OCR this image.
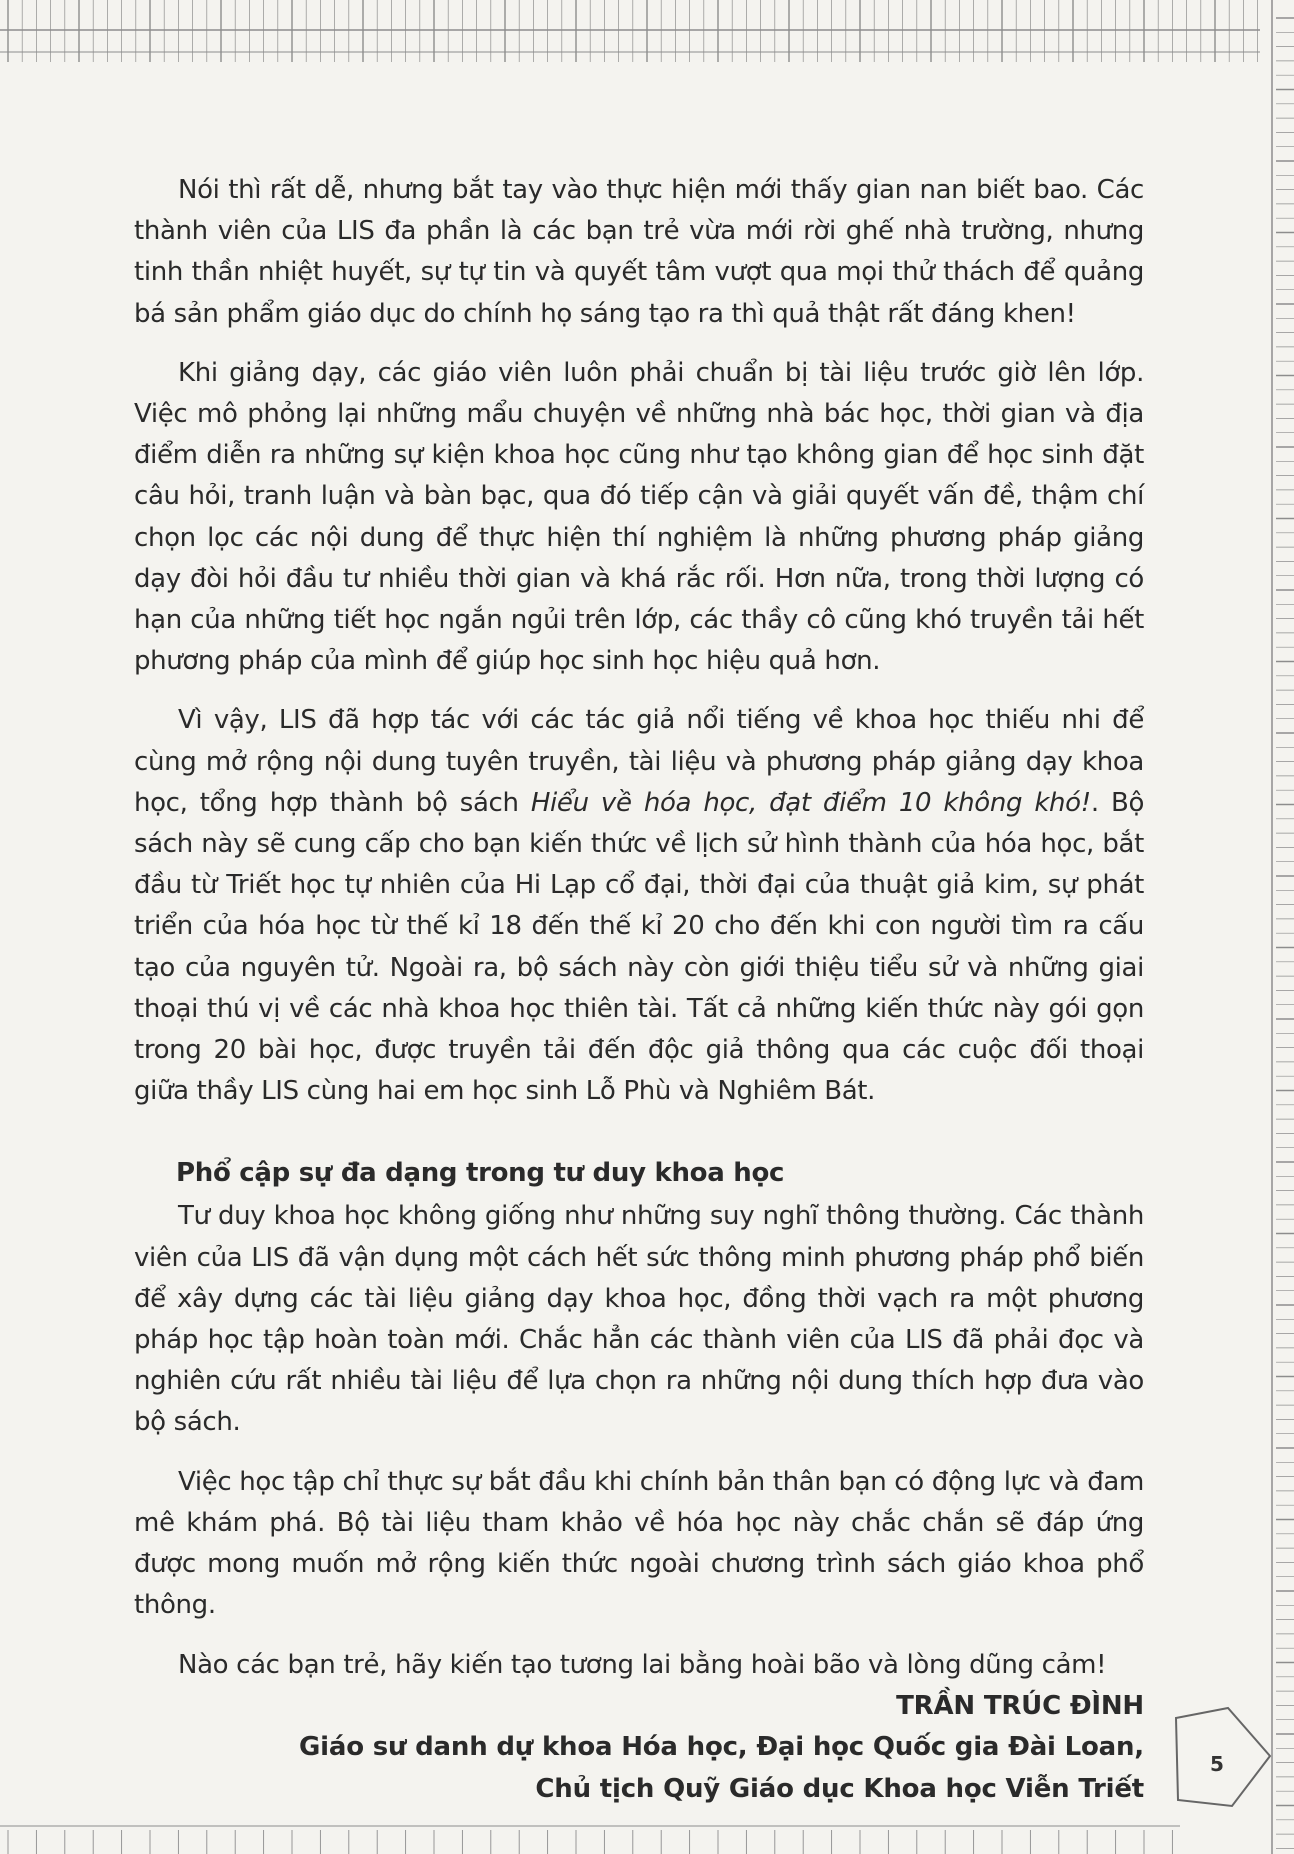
Nói thì rất dễ, nhưng bắt tay vào thực hiện mới thấy gian nan biết bao. Các thành viên của LIS đa phần là các bạn trẻ vừa mới rời ghế nhà trường, nhưng tinh thần nhiệt huyết, sự tự tin và quyết tâm vượt qua mọi thử thách để quảng bá sản phẩm giáo dục do chính họ sáng tạo ra thì quả thật rất đáng khen!

Khi giảng dạy, các giáo viên luôn phải chuẩn bị tài liệu trước giờ lên lớp. Việc mô phỏng lại những mẩu chuyện về những nhà bác học, thời gian và địa điểm diễn ra những sự kiện khoa học cũng như tạo không gian để học sinh đặt câu hỏi, tranh luận và bàn bạc, qua đó tiếp cận và giải quyết vấn đề, thậm chí chọn lọc các nội dung để thực hiện thí nghiệm là những phương pháp giảng dạy đòi hỏi đầu tư nhiều thời gian và khá rắc rối. Hơn nữa, trong thời lượng có hạn của những tiết học ngắn ngủi trên lớp, các thầy cô cũng khó truyền tải hết phương pháp của mình để giúp học sinh học hiệu quả hơn.

Vì vậy, LIS đã hợp tác với các tác giả nổi tiếng về khoa học thiếu nhi để cùng mở rộng nội dung tuyên truyền, tài liệu và phương pháp giảng dạy khoa học, tổng hợp thành bộ sách Hiểu về hóa học, đạt điểm 10 không khó!. Bộ sách này sẽ cung cấp cho bạn kiến thức về lịch sử hình thành của hóa học, bắt đầu từ Triết học tự nhiên của Hi Lạp cổ đại, thời đại của thuật giả kim, sự phát triển của hóa học từ thế kỉ 18 đến thế kỉ 20 cho đến khi con người tìm ra cấu tạo của nguyên tử. Ngoài ra, bộ sách này còn giới thiệu tiểu sử và những giai thoại thú vị về các nhà khoa học thiên tài. Tất cả những kiến thức này gói gọn trong 20 bài học, được truyền tải đến độc giả thông qua các cuộc đối thoại giữa thầy LIS cùng hai em học sinh Lỗ Phù và Nghiêm Bát.

Phổ cập sự đa dạng trong tư duy khoa học

Tư duy khoa học không giống như những suy nghĩ thông thường. Các thành viên của LIS đã vận dụng một cách hết sức thông minh phương pháp phổ biến để xây dựng các tài liệu giảng dạy khoa học, đồng thời vạch ra một phương pháp học tập hoàn toàn mới. Chắc hẳn các thành viên của LIS đã phải đọc và nghiên cứu rất nhiều tài liệu để lựa chọn ra những nội dung thích hợp đưa vào bộ sách.

Việc học tập chỉ thực sự bắt đầu khi chính bản thân bạn có động lực và đam mê khám phá. Bộ tài liệu tham khảo về hóa học này chắc chắn sẽ đáp ứng được mong muốn mở rộng kiến thức ngoài chương trình sách giáo khoa phổ thông.

Nào các bạn trẻ, hãy kiến tạo tương lai bằng hoài bão và lòng dũng cảm!

TRẦN TRÚC ĐÌNH
Giáo sư danh dự khoa Hóa học, Đại học Quốc gia Đài Loan,
Chủ tịch Quỹ Giáo dục Khoa học Viễn Triết
5
